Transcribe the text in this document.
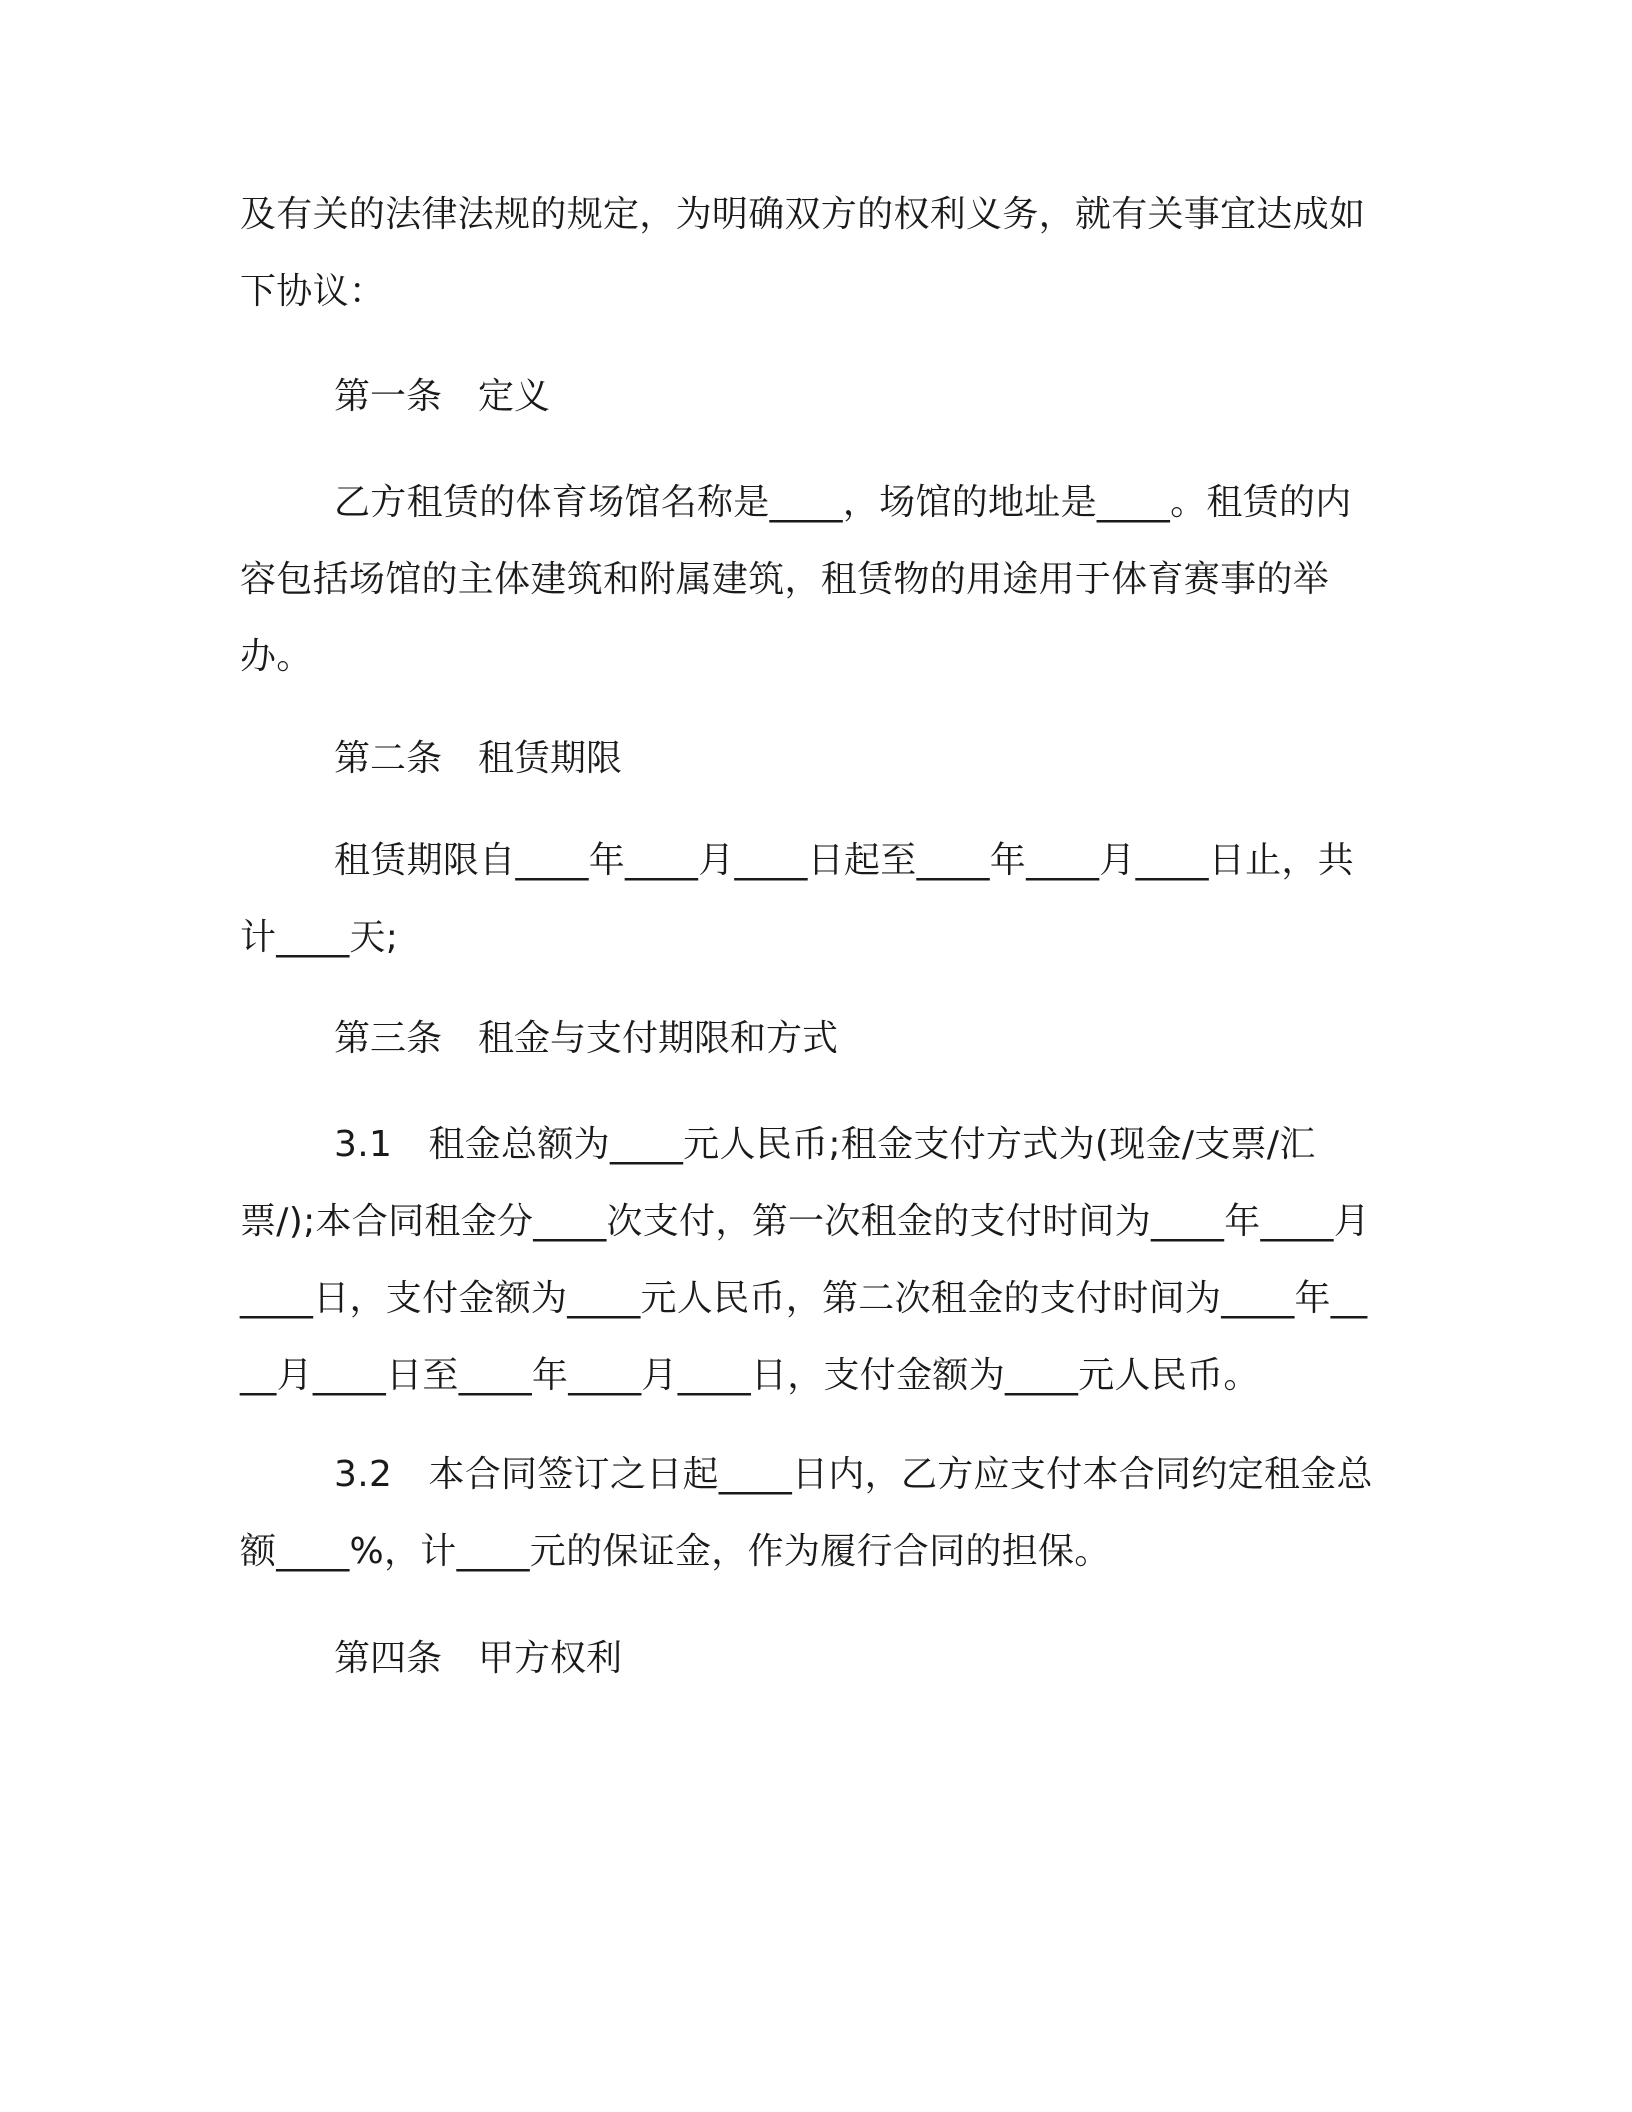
及有关的法律法规的规定，为明确双方的权利义务，就有关事宜达成如下协议：

第一条　定义

乙方租赁的体育场馆名称是____，场馆的地址是____。租赁的内容包括场馆的主体建筑和附属建筑，租赁物的用途用于体育赛事的举办。

第二条　租赁期限

租赁期限自____年____月____日起至____年____月____日止，共计____天;

第三条　租金与支付期限和方式

3.1　租金总额为____元人民币;租金支付方式为(现金/支票/汇票/);本合同租金分____次支付，第一次租金的支付时间为____年____月____日，支付金额为____元人民币，第二次租金的支付时间为____年____月____日至____年____月____日，支付金额为____元人民币。

3.2　本合同签订之日起____日内，乙方应支付本合同约定租金总额____%，计____元的保证金，作为履行合同的担保。

第四条　甲方权利
